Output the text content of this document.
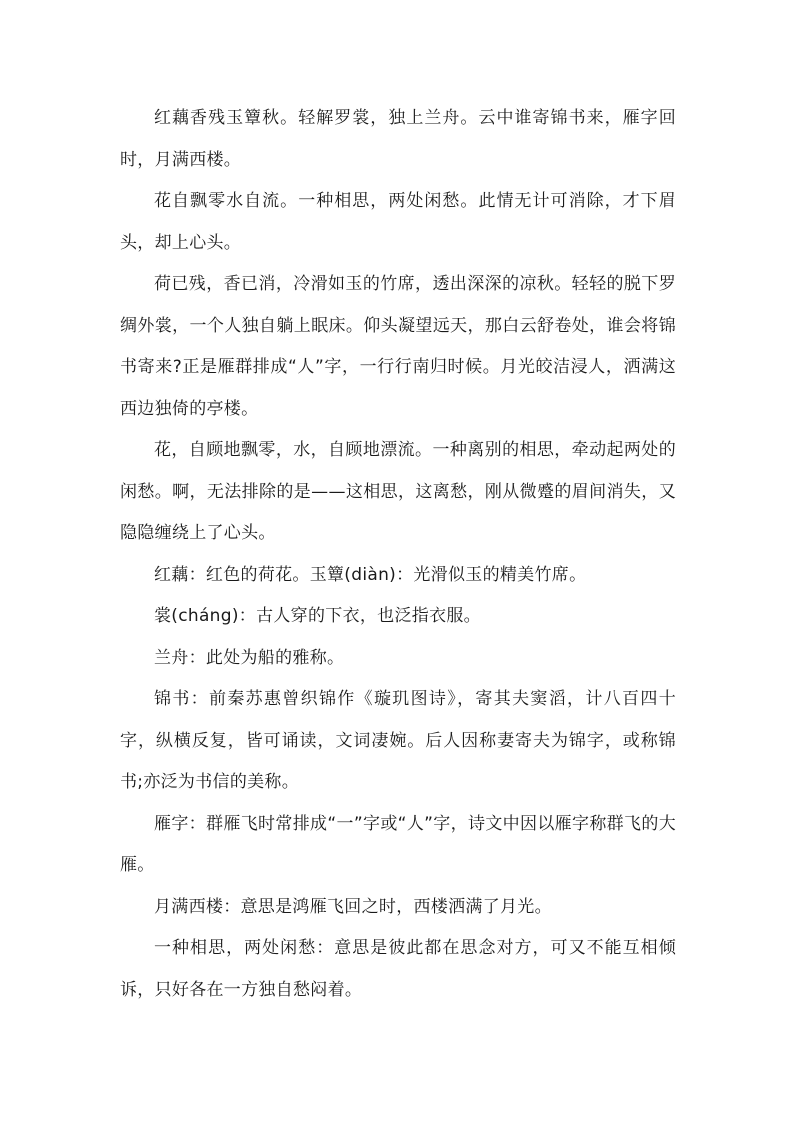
红藕香残玉簟秋。轻解罗裳，独上兰舟。云中谁寄锦书来，雁字回时，月满西楼。

花自飘零水自流。一种相思，两处闲愁。此情无计可消除，才下眉头，却上心头。

荷已残，香已消，冷滑如玉的竹席，透出深深的凉秋。轻轻的脱下罗绸外裳，一个人独自躺上眠床。仰头凝望远天，那白云舒卷处，谁会将锦书寄来?正是雁群排成“人”字，一行行南归时候。月光皎洁浸人，洒满这西边独倚的亭楼。

花，自顾地飘零，水，自顾地漂流。一种离别的相思，牵动起两处的闲愁。啊，无法排除的是——这相思，这离愁，刚从微蹙的眉间消失，又隐隐缠绕上了心头。

红藕：红色的荷花。玉簟(diàn)：光滑似玉的精美竹席。

裳(cháng)：古人穿的下衣，也泛指衣服。

兰舟：此处为船的雅称。

锦书：前秦苏惠曾织锦作《璇玑图诗》，寄其夫窦滔，计八百四十字，纵横反复，皆可诵读，文词凄婉。后人因称妻寄夫为锦字，或称锦书;亦泛为书信的美称。

雁字：群雁飞时常排成“一”字或“人”字，诗文中因以雁字称群飞的大雁。

月满西楼：意思是鸿雁飞回之时，西楼洒满了月光。

一种相思，两处闲愁：意思是彼此都在思念对方，可又不能互相倾诉，只好各在一方独自愁闷着。
